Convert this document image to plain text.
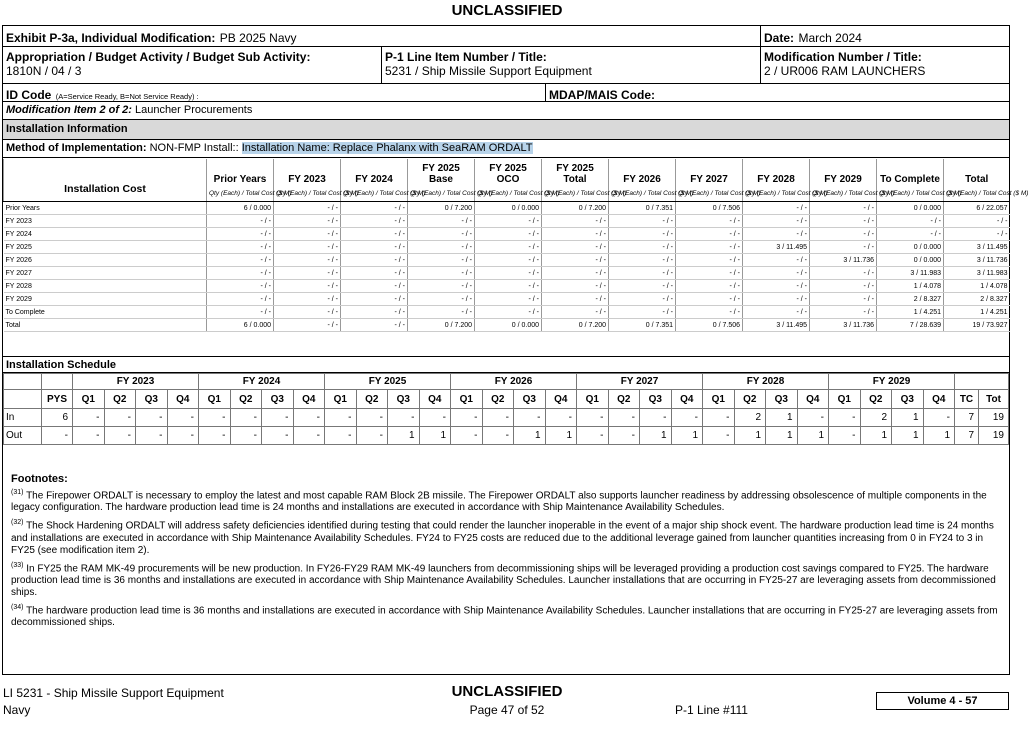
UNCLASSIFIED
Exhibit P-3a, Individual Modification: PB 2025 Navy	Date: March 2024
Appropriation / Budget Activity / Budget Sub Activity:
1810N / 04 / 3
P-1 Line Item Number / Title:
5231 / Ship Missile Support Equipment
Modification Number / Title:
2 / UR006 RAM LAUNCHERS
ID Code (A=Service Ready, B=Not Service Ready) :	MDAP/MAIS Code:
Modification Item 2 of 2: Launcher Procurements
Installation Information
Method of Implementation: NON-FMP Install:: Installation Name: Replace Phalanx with SeaRAM ORDALT
Installation Cost	Prior Years	FY 2023	FY 2024	FY 2025 Base	FY 2025 OCO	FY 2025 Total	FY 2026	FY 2027	FY 2028	FY 2029	To Complete	Total
	Qty (Each) / Total Cost ($ M)	Qty (Each) / Total Cost ($ M)	Qty (Each) / Total Cost ($ M)	Qty (Each) / Total Cost ($ M)	Qty (Each) / Total Cost ($ M)	Qty (Each) / Total Cost ($ M)	Qty (Each) / Total Cost ($ M)	Qty (Each) / Total Cost ($ M)	Qty (Each) / Total Cost ($ M)	Qty (Each) / Total Cost ($ M)	Qty (Each) / Total Cost ($ M)	Qty (Each) / Total Cost ($ M)
Prior Years	6 / 0.000	- / -	- / -	0 / 7.200	0 / 0.000	0 / 7.200	0 / 7.351	0 / 7.506	- / -	- / -	0 / 0.000	6 / 22.057
FY 2023	- / -	- / -	- / -	- / -	- / -	- / -	- / -	- / -	- / -	- / -	- / -	- / -
FY 2024	- / -	- / -	- / -	- / -	- / -	- / -	- / -	- / -	- / -	- / -	- / -	- / -
FY 2025	- / -	- / -	- / -	- / -	- / -	- / -	- / -	- / -	3 / 11.495	- / -	0 / 0.000	3 / 11.495
FY 2026	- / -	- / -	- / -	- / -	- / -	- / -	- / -	- / -	- / -	3 / 11.736	0 / 0.000	3 / 11.736
FY 2027	- / -	- / -	- / -	- / -	- / -	- / -	- / -	- / -	- / -	- / -	3 / 11.983	3 / 11.983
FY 2028	- / -	- / -	- / -	- / -	- / -	- / -	- / -	- / -	- / -	- / -	1 / 4.078	1 / 4.078
FY 2029	- / -	- / -	- / -	- / -	- / -	- / -	- / -	- / -	- / -	- / -	2 / 8.327	2 / 8.327
To Complete	- / -	- / -	- / -	- / -	- / -	- / -	- / -	- / -	- / -	- / -	1 / 4.251	1 / 4.251
Total	6 / 0.000	- / -	- / -	0 / 7.200	0 / 0.000	0 / 7.200	0 / 7.351	0 / 7.506	3 / 11.495	3 / 11.736	7 / 28.639	19 / 73.927
Installation Schedule
		FY 2023				FY 2024				FY 2025				FY 2026				FY 2027				FY 2028				FY 2029					
	PYS	Q1	Q2	Q3	Q4	Q1	Q2	Q3	Q4	Q1	Q2	Q3	Q4	Q1	Q2	Q3	Q4	Q1	Q2	Q3	Q4	Q1	Q2	Q3	Q4	Q1	Q2	Q3	Q4	TC	Tot
In	6	-	-	-	-	-	-	-	-	-	-	-	-	-	-	-	-	-	-	-	-	-	2	1	-	-	2	1	-	7	19
Out	-	-	-	-	-	-	-	-	-	-	-	1	1	-	-	1	1	-	-	1	1	-	1	1	1	-	1	1	1	7	19
Footnotes:
$^{(31)}$ The Firepower ORDALT is necessary to employ the latest and most capable RAM Block 2B missile. The Firepower ORDALT also supports launcher readiness by addressing obsolescence of multiple components in the legacy configuration. The hardware production lead time is 24 months and installations are executed in accordance with Ship Maintenance Availability Schedules.
$^{(32)}$ The Shock Hardening ORDALT will address safety deficiencies identified during testing that could render the launcher inoperable in the event of a major ship shock event. The hardware production lead time is 24 months and installations are executed in accordance with Ship Maintenance Availability Schedules. FY24 to FY25 costs are reduced due to the additional leverage gained from launcher quantities increasing from 0 in FY24 to 3 in FY25 (see modification item 2).
$^{(33)}$ In FY25 the RAM MK-49 procurements will be new production. In FY26-FY29 RAM MK-49 launchers from decommissioning ships will be leveraged providing a production cost savings compared to FY25. The hardware production lead time is 36 months and installations are executed in accordance with Ship Maintenance Availability Schedules. Launcher installations that are occurring in FY25-27 are leveraging assets from decommissioned ships.
$^{(34)}$ The hardware production lead time is 36 months and installations are executed in accordance with Ship Maintenance Availability Schedules. Launcher installations that are occurring in FY25-27 are leveraging assets from decommissioned ships.
LI 5231 - Ship Missile Support Equipment
Navy
UNCLASSIFIED
Page 47 of 52	P-1 Line #111
Volume 4 - 57
